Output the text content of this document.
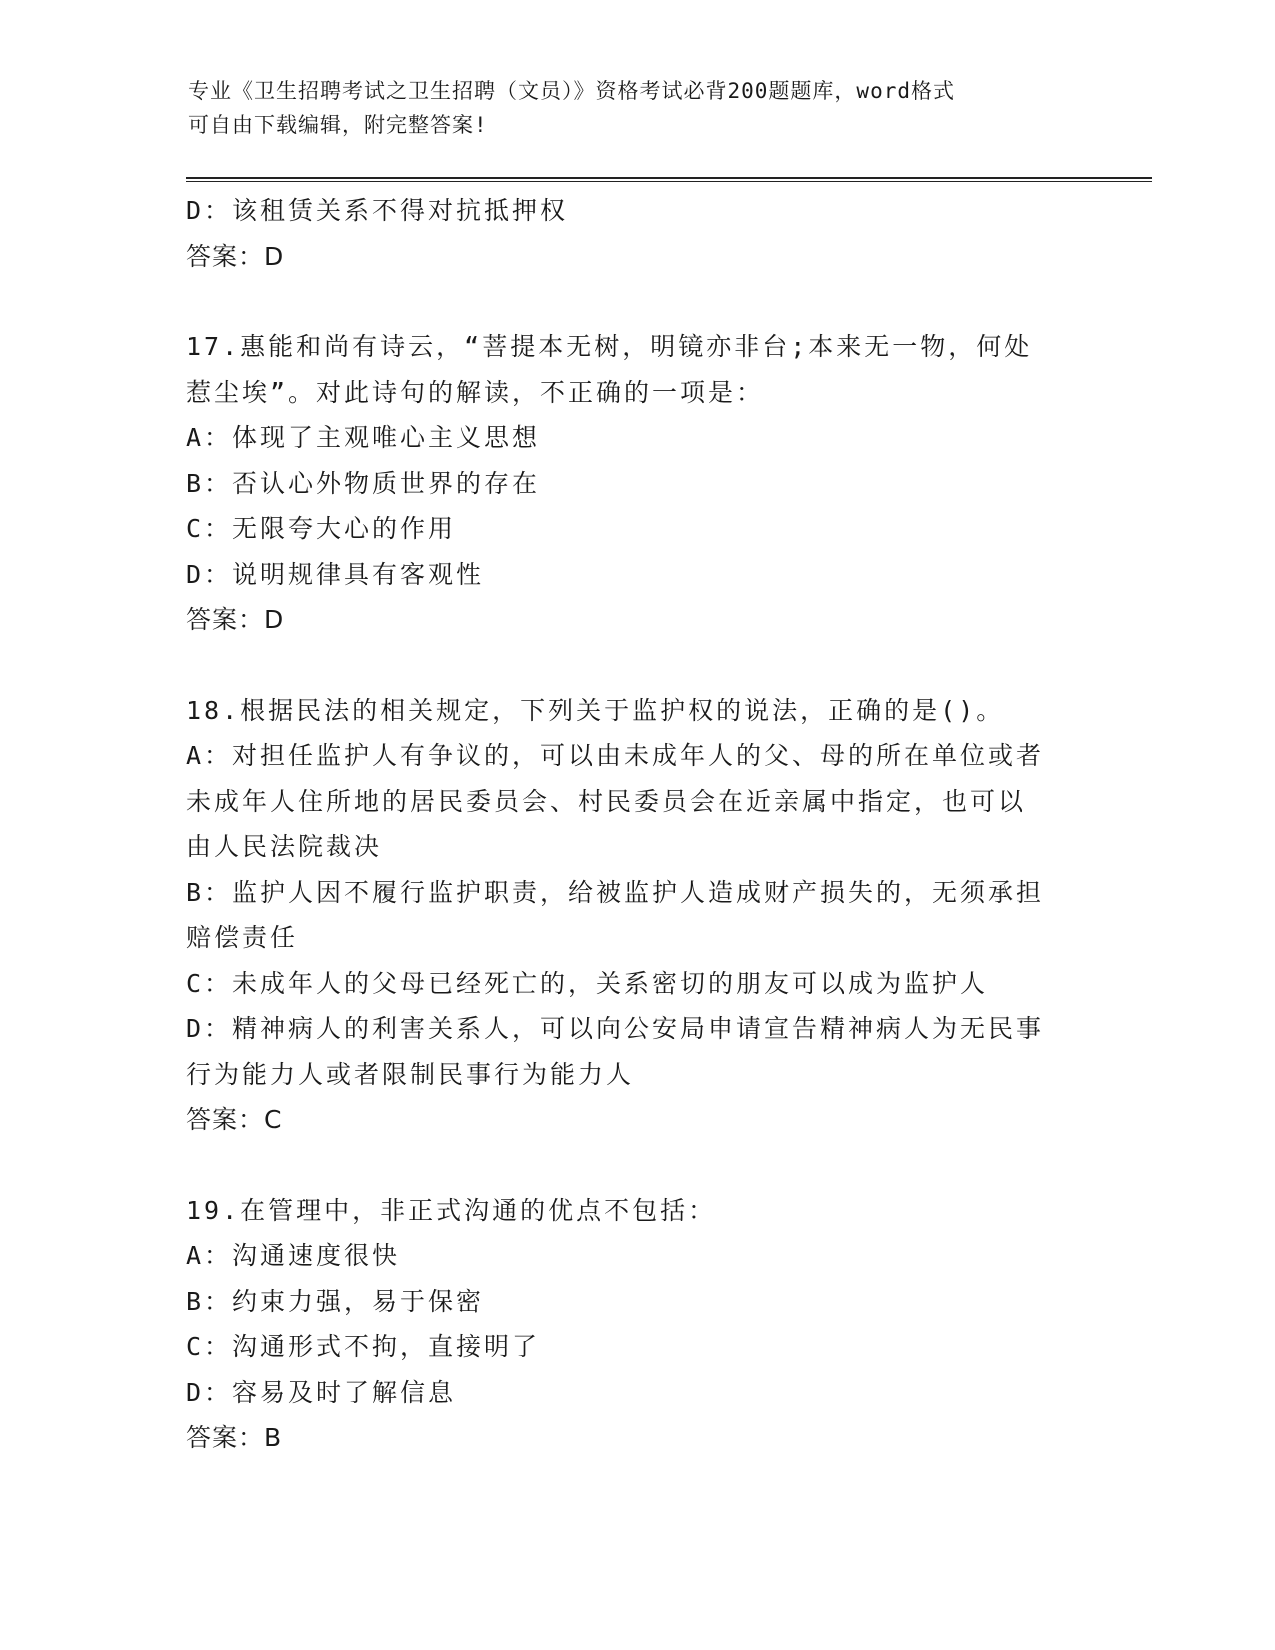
专业《卫生招聘考试之卫生招聘（文员）》资格考试必背200题题库，word格式
可自由下载编辑，附完整答案!
D：该租赁关系不得对抗抵押权
答案：D
17.惠能和尚有诗云，“菩提本无树，明镜亦非台;本来无一物，何处
惹尘埃”。对此诗句的解读，不正确的一项是：
A：体现了主观唯心主义思想
B：否认心外物质世界的存在
C：无限夸大心的作用
D：说明规律具有客观性
答案：D
18.根据民法的相关规定，下列关于监护权的说法，正确的是()。
A：对担任监护人有争议的，可以由未成年人的父、母的所在单位或者
未成年人住所地的居民委员会、村民委员会在近亲属中指定，也可以
由人民法院裁决
B：监护人因不履行监护职责，给被监护人造成财产损失的，无须承担
赔偿责任
C：未成年人的父母已经死亡的，关系密切的朋友可以成为监护人
D：精神病人的利害关系人，可以向公安局申请宣告精神病人为无民事
行为能力人或者限制民事行为能力人
答案：C
19.在管理中，非正式沟通的优点不包括：
A：沟通速度很快
B：约束力强，易于保密
C：沟通形式不拘，直接明了
D：容易及时了解信息
答案：B
